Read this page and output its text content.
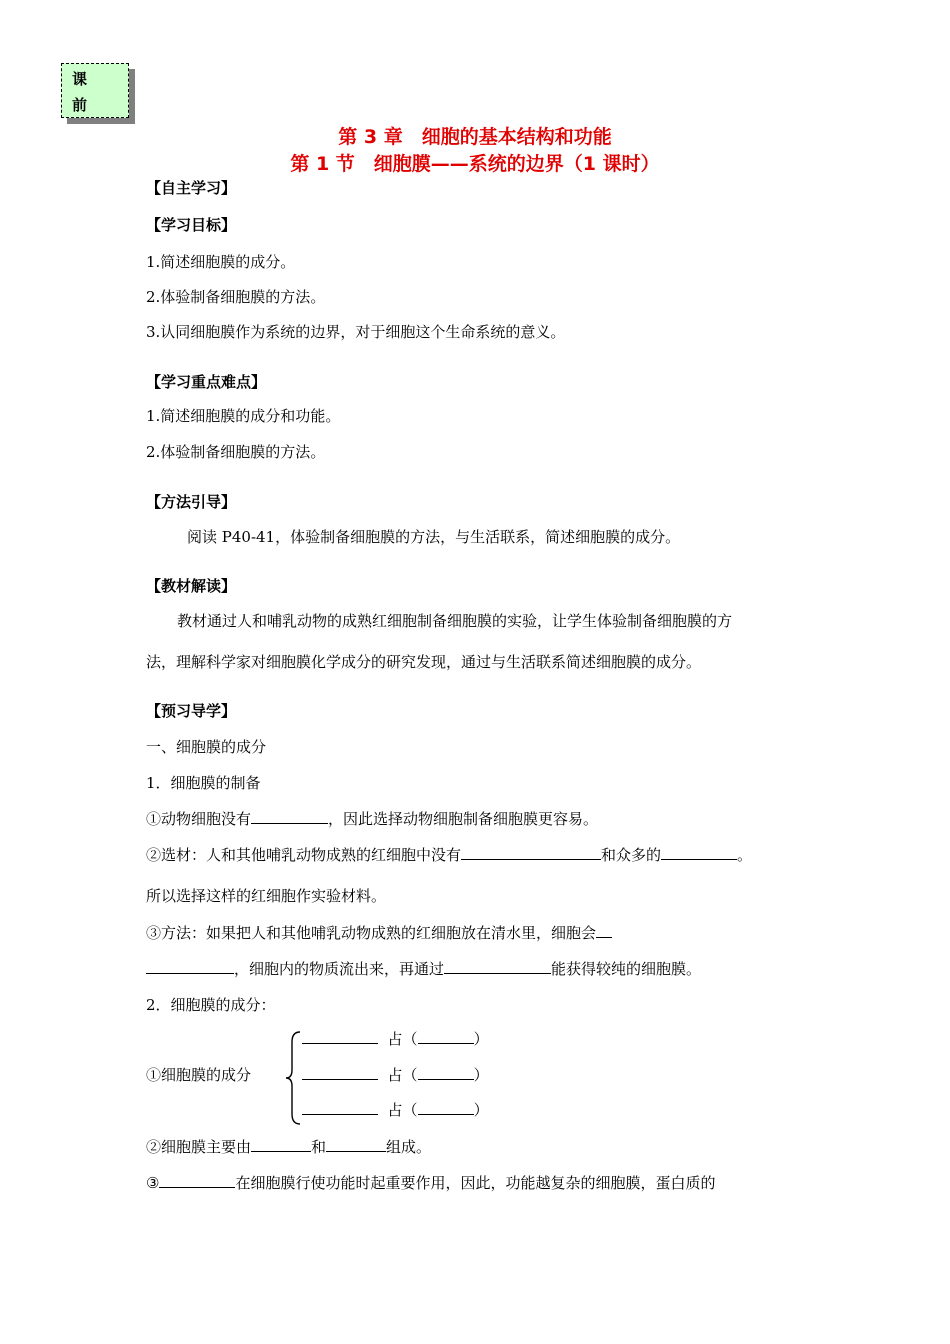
课
前
第 3 章　细胞的基本结构和功能
第 1 节　细胞膜——系统的边界（1 课时）
【自主学习】
【学习目标】
1.简述细胞膜的成分。
2.体验制备细胞膜的方法。
3.认同细胞膜作为系统的边界，对于细胞这个生命系统的意义。
【学习重点难点】
1.简述细胞膜的成分和功能。
2.体验制备细胞膜的方法。
【方法引导】
阅读 P40-41，体验制备细胞膜的方法，与生活联系，简述细胞膜的成分。
【教材解读】
教材通过人和哺乳动物的成熟红细胞制备细胞膜的实验，让学生体验制备细胞膜的方
法，理解科学家对细胞膜化学成分的研究发现，通过与生活联系简述细胞膜的成分。
【预习导学】
一、细胞膜的成分
1．细胞膜的制备
①动物细胞没有	，因此选择动物细胞制备细胞膜更容易。
②选材：人和其他哺乳动物成熟的红细胞中没有	和众多的	。
所以选择这样的红细胞作实验材料。
③方法：如果把人和其他哺乳动物成熟的红细胞放在清水里，细胞会
，细胞内的物质流出来，再通过	能获得较纯的细胞膜。
2．细胞膜的成分：
①细胞膜的成分
占（	）
占（	）
占（	）
②细胞膜主要由	和	组成。
③	在细胞膜行使功能时起重要作用，因此，功能越复杂的细胞膜，蛋白质的
